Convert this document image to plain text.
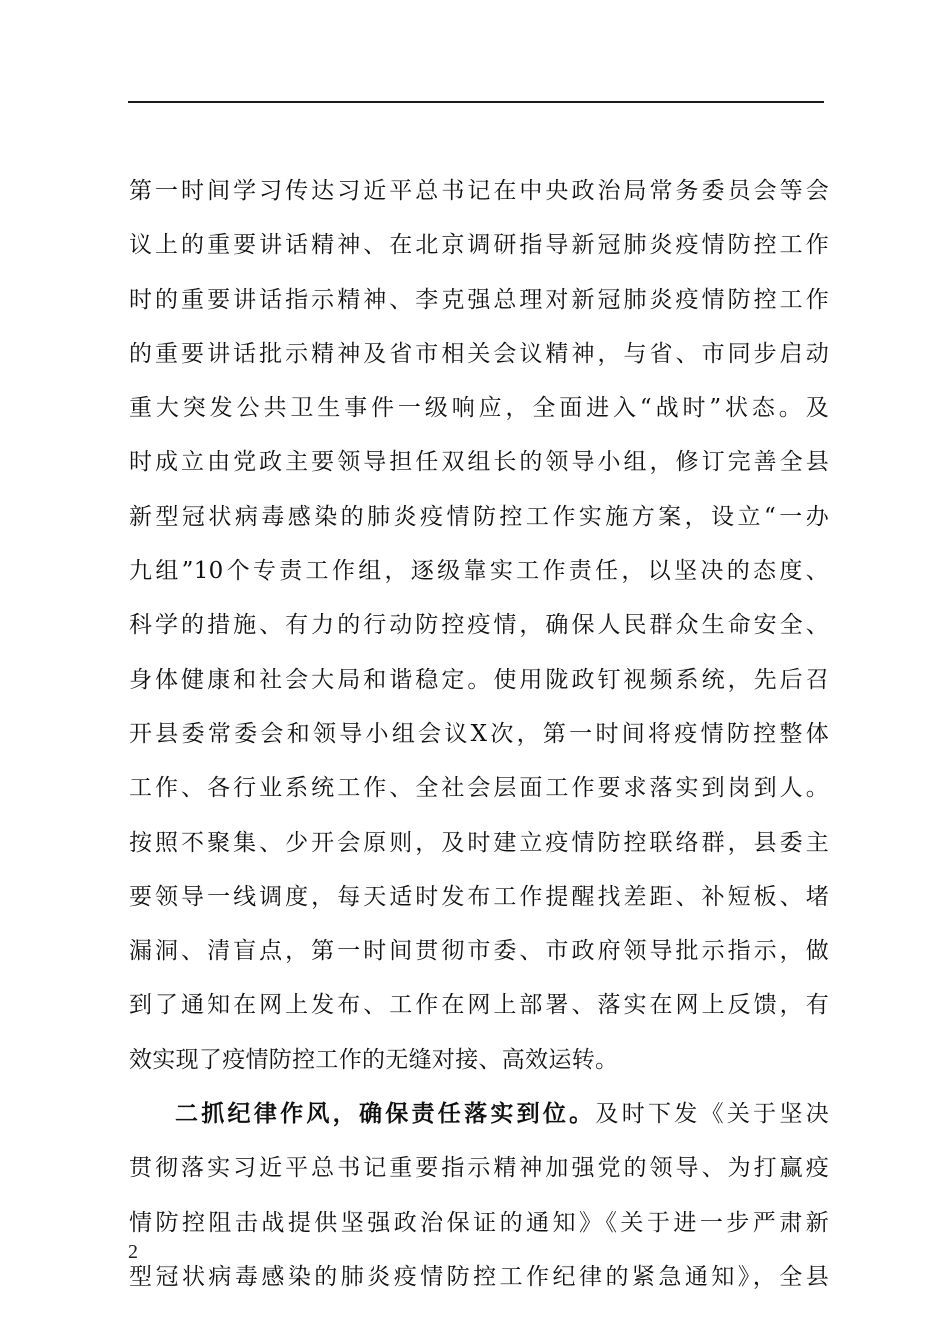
第一时间学习传达习近平总书记在中央政治局常务委员会等会

议上的重要讲话精神、在北京调研指导新冠肺炎疫情防控工作

时的重要讲话指示精神、李克强总理对新冠肺炎疫情防控工作

的重要讲话批示精神及省市相关会议精神，与省、市同步启动

重大突发公共卫生事件一级响应，全面进入“战时”状态。及

时成立由党政主要领导担任双组长的领导小组，修订完善全县

新型冠状病毒感染的肺炎疫情防控工作实施方案，设立“一办

九组”10个专责工作组，逐级靠实工作责任，以坚决的态度、

科学的措施、有力的行动防控疫情，确保人民群众生命安全、

身体健康和社会大局和谐稳定。使用陇政钉视频系统，先后召

开县委常委会和领导小组会议X次，第一时间将疫情防控整体

工作、各行业系统工作、全社会层面工作要求落实到岗到人。

按照不聚集、少开会原则，及时建立疫情防控联络群，县委主

要领导一线调度，每天适时发布工作提醒找差距、补短板、堵

漏洞、清盲点，第一时间贯彻市委、市政府领导批示指示，做

到了通知在网上发布、工作在网上部署、落实在网上反馈，有

效实现了疫情防控工作的无缝对接、高效运转。

二抓纪律作风，确保责任落实到位。及时下发《关于坚决

贯彻落实习近平总书记重要指示精神加强党的领导、为打赢疫

情防控阻击战提供坚强政治保证的通知》《关于进一步严肃新

型冠状病毒感染的肺炎疫情防控工作纪律的紧急通知》，全县

2
